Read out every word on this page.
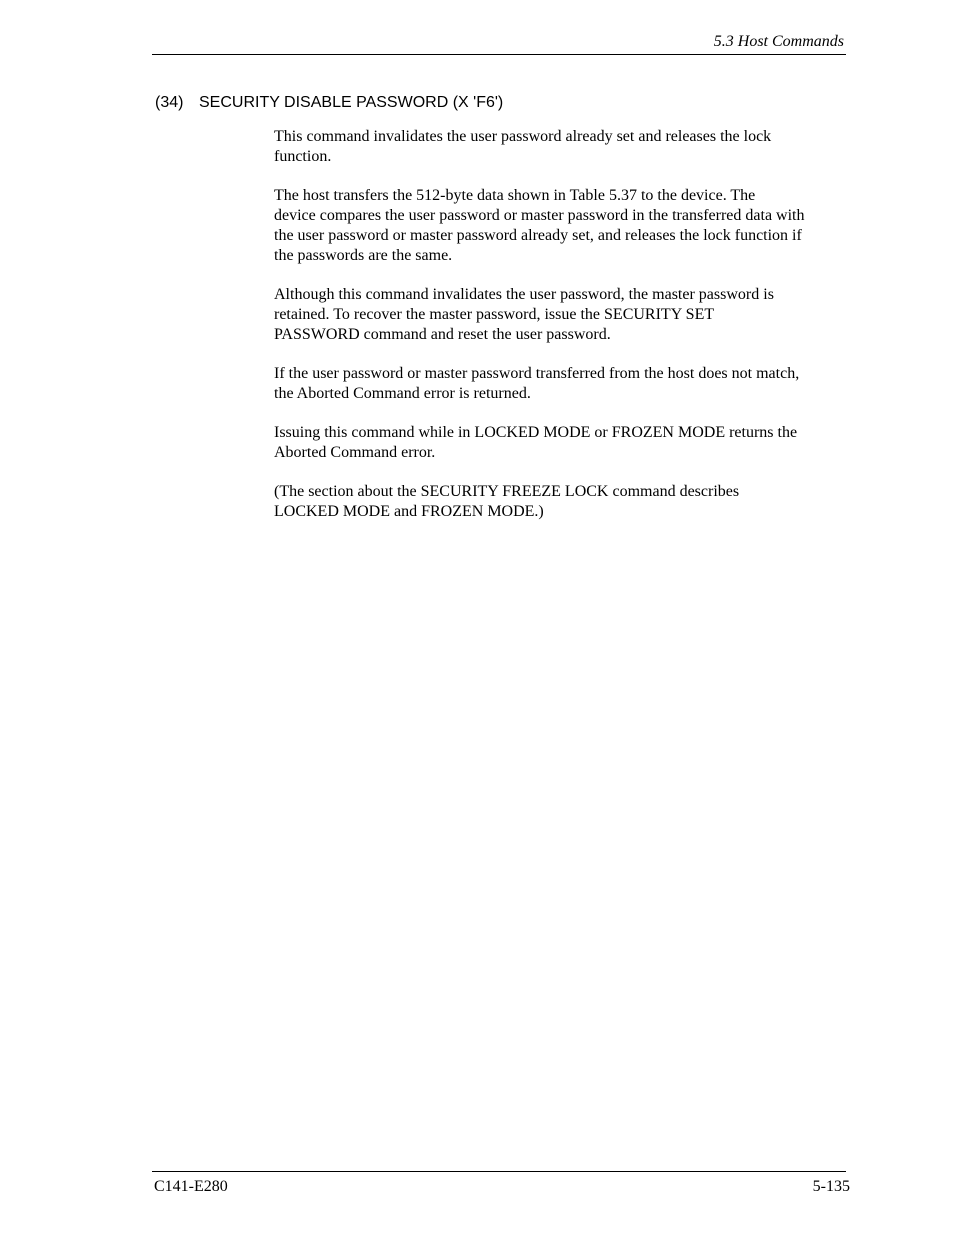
5.3 Host Commands
(34) SECURITY DISABLE PASSWORD (X 'F6')

This command invalidates the user password already set and releases the lock
function.

The host transfers the 512-byte data shown in Table 5.37 to the device. The
device compares the user password or master password in the transferred data with
the user password or master password already set, and releases the lock function if
the passwords are the same.

Although this command invalidates the user password, the master password is
retained. To recover the master password, issue the SECURITY SET
PASSWORD command and reset the user password.

If the user password or master password transferred from the host does not match,
the Aborted Command error is returned.

Issuing this command while in LOCKED MODE or FROZEN MODE returns the
Aborted Command error.

(The section about the SECURITY FREEZE LOCK command describes
LOCKED MODE and FROZEN MODE.)

C141-E280	5-135
